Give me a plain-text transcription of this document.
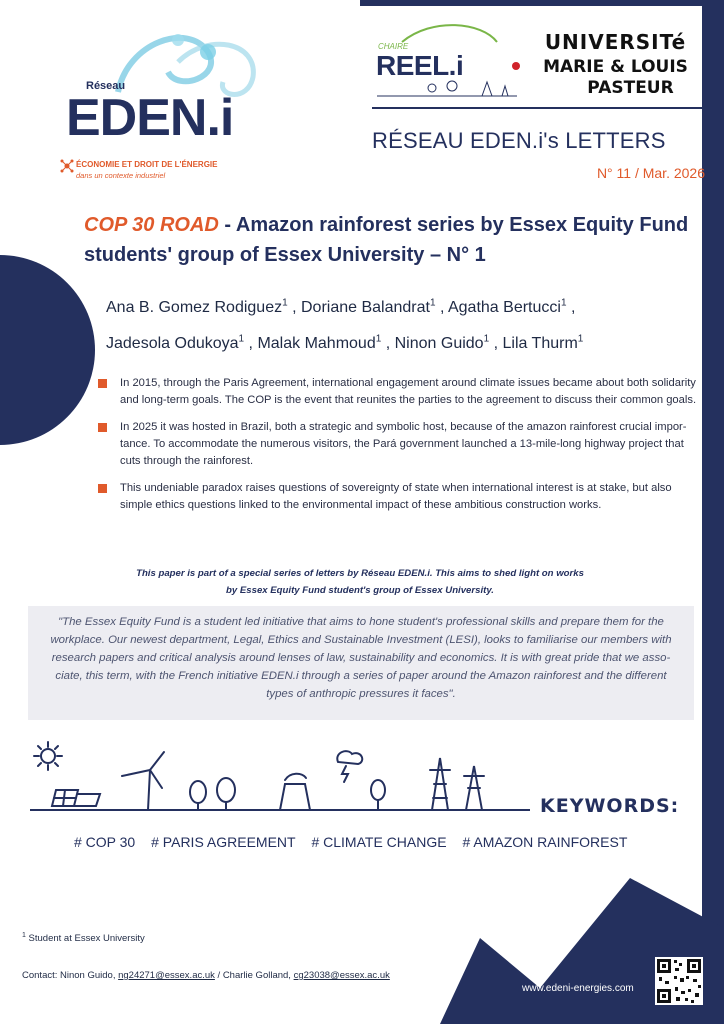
Réseau
EDEN.i
ÉCONOMIE ET DROIT DE L'ÉNERGIE
dans un contexte industriel
CHAIRE
REEL.i
UNIVERSITé
MARIE & LOUIS
PASTEUR
RÉSEAU EDEN.i's LETTERS
N° 11 / Mar. 2026
COP 30 ROAD - Amazon rainforest series by Essex Equity Fund students' group of Essex University – N° 1
Ana B. Gomez Rodiguez$^1$ , Doriane Balandrat$^1$ , Agatha Bertucci$^1$ ,
Jadesola Odukoya$^1$ , Malak Mahmoud$^1$ , Ninon Guido$^1$ , Lila Thurm$^1$
In 2015, through the Paris Agreement, international engagement around climate issues became about both solidarity and long-term goals. The COP is the event that reunites the parties to the agreement to discuss their common goals.
In 2025 it was hosted in Brazil, both a strategic and symbolic host, because of the amazon rainforest crucial impor-tance. To accommodate the numerous visitors, the Pará government launched a 13-mile-long highway project that cuts through the rainforest.
This undeniable paradox raises questions of sovereignty of state when international interest is at stake, but also simple ethics questions linked to the environmental impact of these ambitious construction works.
This paper is part of a special series of letters by Réseau EDEN.i. This aims to shed light on works
by Essex Equity Fund student's group of Essex University.
"The Essex Equity Fund is a student led initiative that aims to hone student's professional skills and prepare them for the workplace. Our newest department, Legal, Ethics and Sustainable Investment (LESI), looks to familiarise our members with research papers and critical analysis around lenses of law, sustainability and economics. It is with great pride that we asso-ciate, this term, with the French initiative EDEN.i through a series of paper around the Amazon rainforest and the different types of anthropic pressures it faces".
KEYWORDS:
# COP 30 # PARIS AGREEMENT # CLIMATE CHANGE # AMAZON RAINFOREST
$^1$ Student at Essex University
Contact: Ninon Guido, ng24271@essex.ac.uk / Charlie Golland, cg23038@essex.ac.uk
www.edeni-energies.com
